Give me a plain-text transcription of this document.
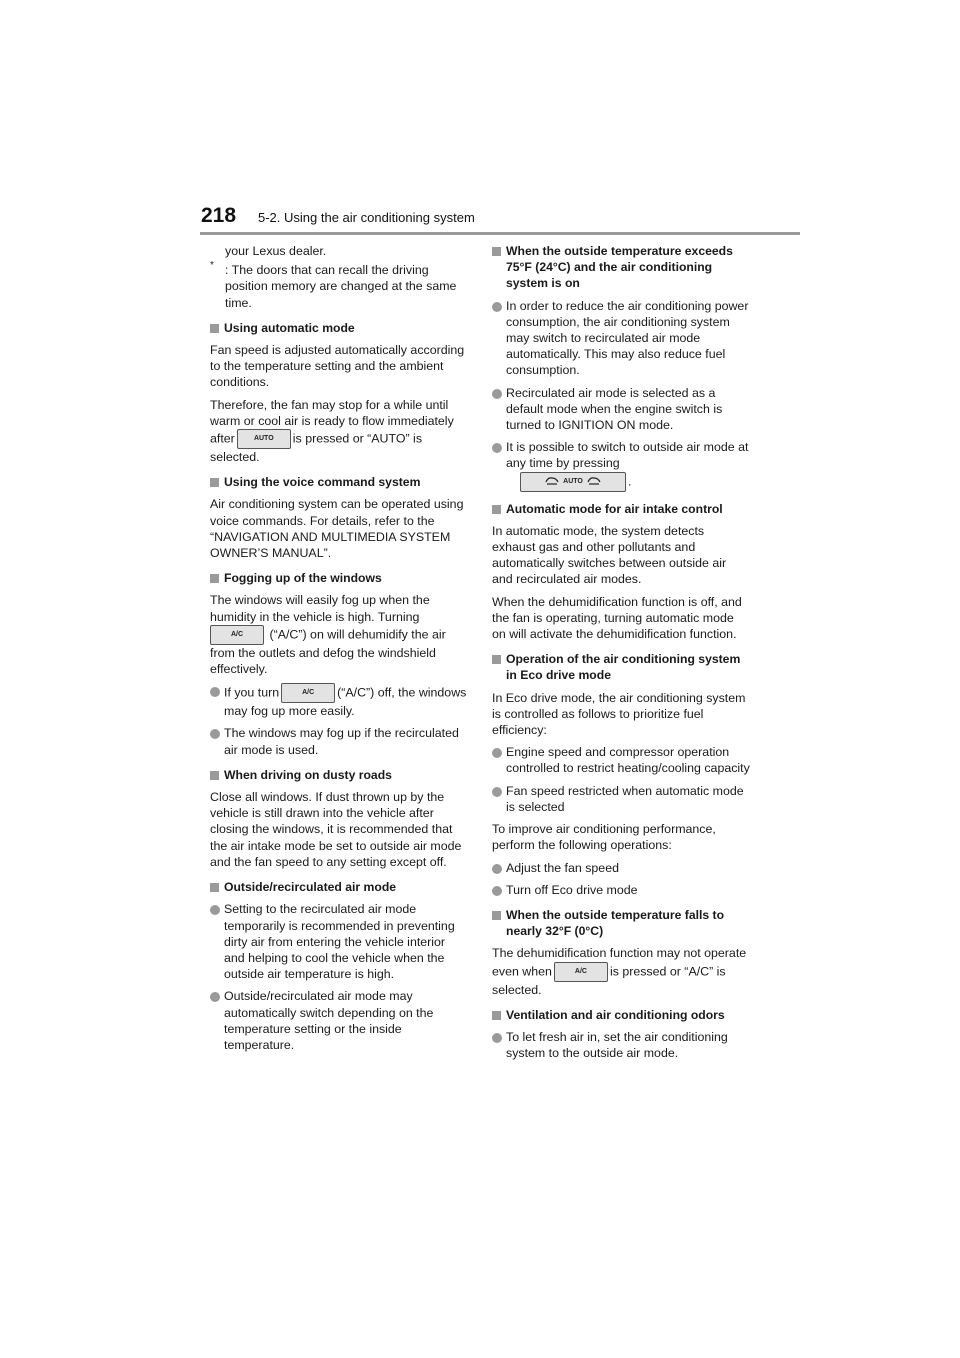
218 5-2. Using the air conditioning system

your Lexus dealer.

* : The doors that can recall the driving position memory are changed at the same time.

Using automatic mode

Fan speed is adjusted automatically according to the temperature setting and the ambient conditions.

Therefore, the fan may stop for a while until warm or cool air is ready to flow immediately after	AUTO is pressed or “AUTO” is selected.

Using the voice command system

Air conditioning system can be operated using voice commands. For details, refer to the “NAVIGATION AND MULTIMEDIA SYSTEM OWNER’S MANUAL”.

Fogging up of the windows

The windows will easily fog up when the humidity in the vehicle is high. Turning A/C (“A/C”) on will dehumidify the air from the outlets and defog the windshield effectively.

If you turn	A/C (“A/C”) off, the windows may fog up more easily.
The windows may fog up if the recirculated air mode is used.
When driving on dusty roads

Close all windows. If dust thrown up by the vehicle is still drawn into the vehicle after closing the windows, it is recommended that the air intake mode be set to outside air mode and the fan speed to any setting except off.

Outside/recirculated air mode
Setting to the recirculated air mode temporarily is recommended in preventing dirty air from entering the vehicle interior and helping to cool the vehicle when the outside air temperature is high.
Outside/recirculated air mode may automatically switch depending on the temperature setting or the inside temperature.
When the outside temperature exceeds 75°F (24°C) and the air conditioning system is on
In order to reduce the air conditioning power consumption, the air conditioning system may switch to recirculated air mode automatically. This may also reduce fuel consumption.
Recirculated air mode is selected as a default mode when the engine switch is turned to IGNITION ON mode.
It is possible to switch to outside air mode at any time by pressing
AUTO	.
Automatic mode for air intake control

In automatic mode, the system detects exhaust gas and other pollutants and automatically switches between outside air and recirculated air modes.

When the dehumidification function is off, and the fan is operating, turning automatic mode on will activate the dehumidification function.

Operation of the air conditioning system in Eco drive mode

In Eco drive mode, the air conditioning system is controlled as follows to prioritize fuel efficiency:

Engine speed and compressor operation controlled to restrict heating/cooling capacity
Fan speed restricted when automatic mode is selected

To improve air conditioning performance, perform the following operations:

Adjust the fan speed
Turn off Eco drive mode
When the outside temperature falls to nearly 32°F (0°C)

The dehumidification function may not operate even when	A/C is pressed or “A/C” is selected.

Ventilation and air conditioning odors
To let fresh air in, set the air conditioning system to the outside air mode.
